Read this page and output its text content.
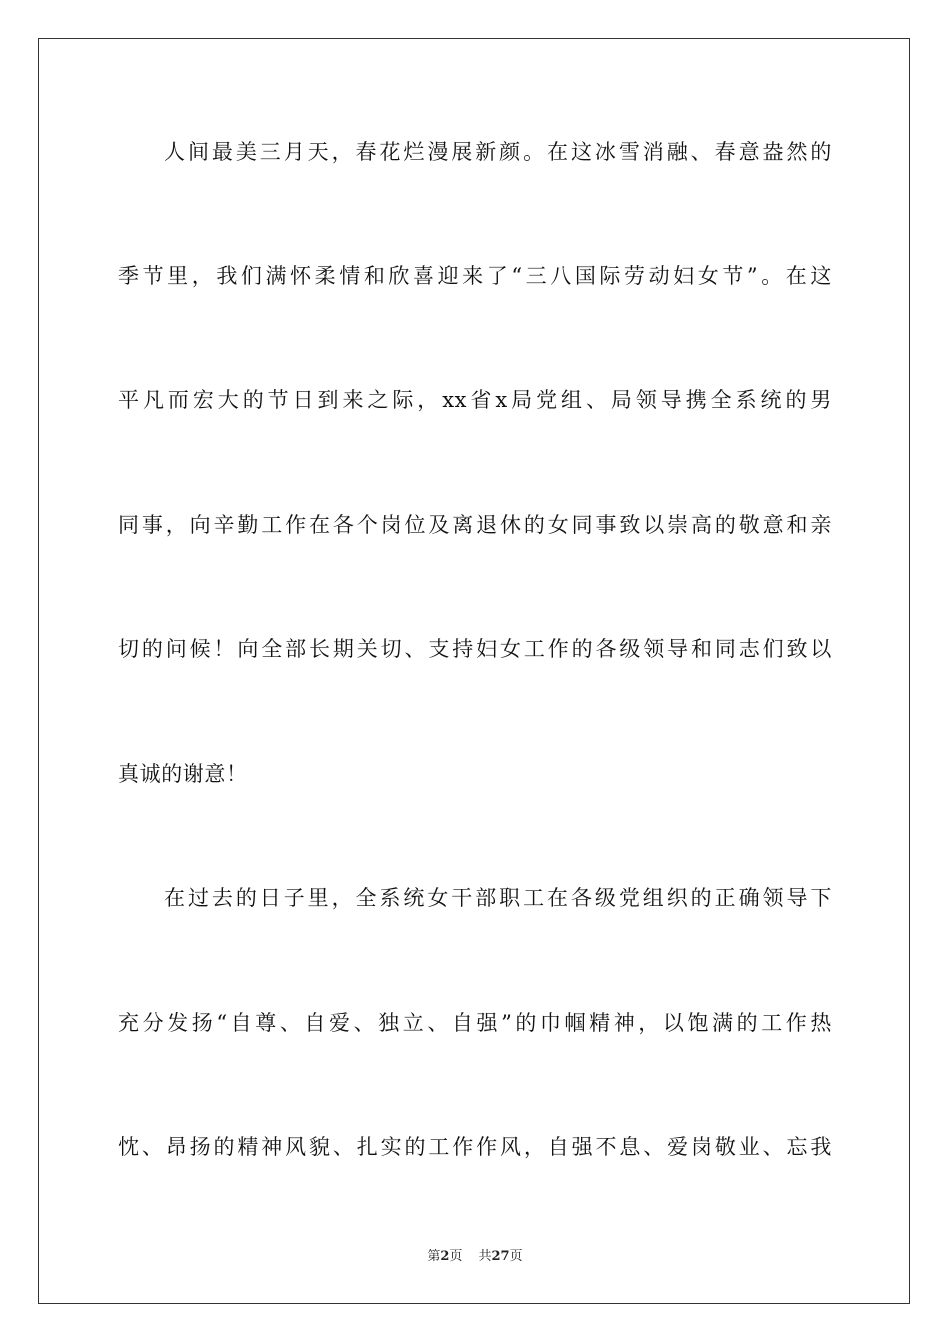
人间最美三月天，春花烂漫展新颜。在这冰雪消融、春意盎然的
季节里，我们满怀柔情和欣喜迎来了“三八国际劳动妇女节”。在这
平凡而宏大的节日到来之际，xx省x局党组、局领导携全系统的男
同事，向辛勤工作在各个岗位及离退休的女同事致以崇高的敬意和亲
切的问候！向全部长期关切、支持妇女工作的各级领导和同志们致以
真诚的谢意！
在过去的日子里，全系统女干部职工在各级党组织的正确领导下
充分发扬“自尊、自爱、独立、自强”的巾帼精神，以饱满的工作热
忱、昂扬的精神风貌、扎实的工作作风，自强不息、爱岗敬业、忘我
第2页 共27页
